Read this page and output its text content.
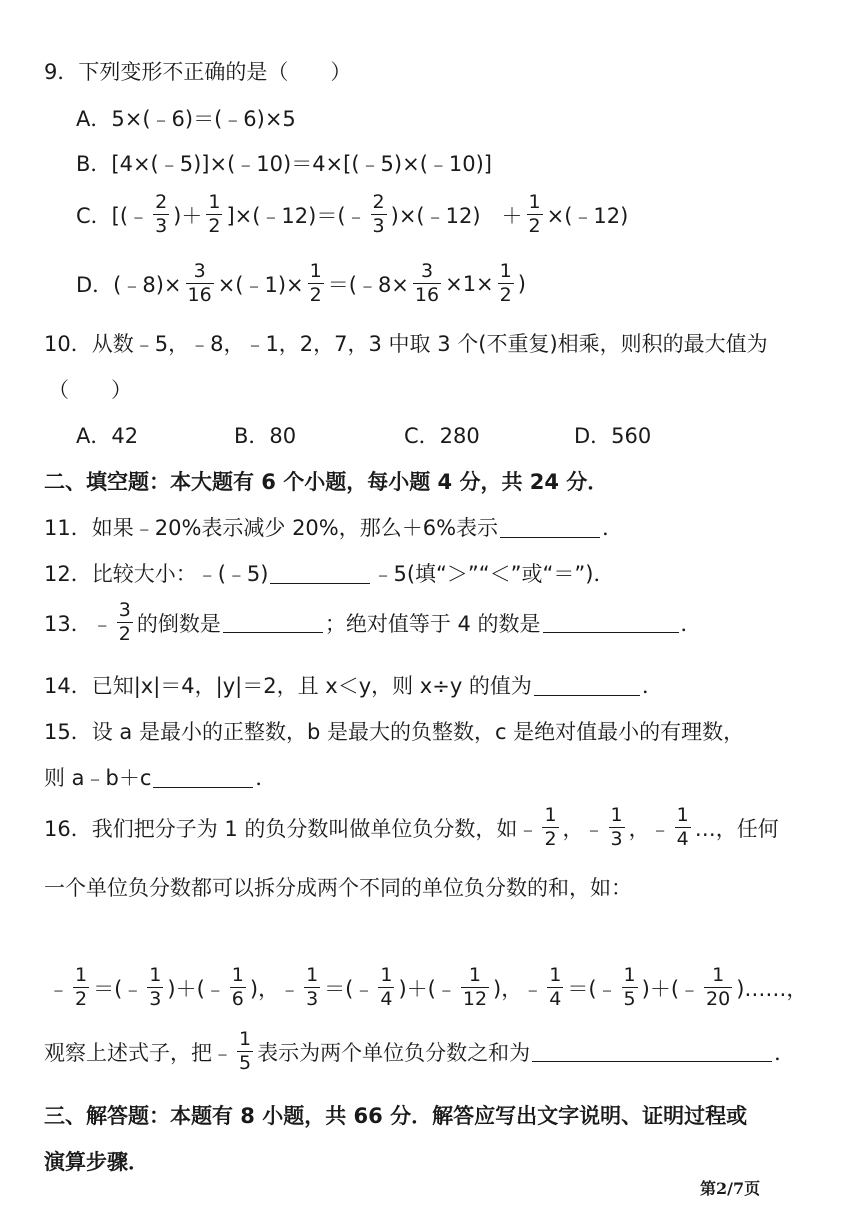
9．下列变形不正确的是（　　）
A．5×(﹣6)＝(﹣6)×5
B．[4×(﹣5)]×(﹣10)＝4×[(﹣5)×(﹣10)]
C． [(﹣ $\frac{2}{3}$ )＋ $\frac{1}{2}$ ]×(﹣12)＝(﹣ $\frac{2}{3}$ )×(﹣12)　＋ $\frac{1}{2}$ ×(﹣12)
D． (﹣8)× $\frac{3}{16}$ ×(﹣1)× $\frac{1}{2}$ ＝(﹣8× $\frac{3}{16} \times 1\times \frac{1}{2}$ )
10．从数﹣5，﹣8，﹣1，2，7，3 中取 3 个(不重复)相乘，则积的最大值为
（　　）
A．42	B．80	C．280	D．560
二、填空题：本大题有 6 个小题，每小题 4 分，共 24 分．
11．如果﹣20%表示减少 20%，那么＋6%表示	．
12．比较大小：﹣(﹣5)	﹣5(填“＞”“＜”或“＝”)．
13．﹣ $\frac{3}{2}$ 的倒数是	；绝对值等于 4 的数是	．
14．已知|x|＝4，|y|＝2，且 x＜y，则 x÷y 的值为	．
15．设 a 是最小的正整数，b 是最大的负整数，c 是绝对值最小的有理数，
则 a﹣b＋c	．
16．我们把分子为 1 的负分数叫做单位负分数，如﹣ $\frac{1}{2}$ ，﹣ $\frac{1}{3}$ ，﹣ $\frac{1}{4}$ …，任何
一个单位负分数都可以拆分成两个不同的单位负分数的和，如：
﹣ $\frac{1}{2}$ ＝(﹣ $\frac{1}{3}$ )＋(﹣ $\frac{1}{6}$ )， ﹣ $\frac{1}{3}$ ＝(﹣ $\frac{1}{4}$ )＋(﹣ $\frac{1}{12}$ )， ﹣ $\frac{1}{4}$ ＝(﹣ $\frac{1}{5}$ )＋(﹣ $\frac{1}{20}$ )……，
观察上述式子，把﹣ $\frac{1}{5}$ 表示为两个单位负分数之和为	．
三、解答题：本题有 8 小题，共 66 分．解答应写出文字说明、证明过程或
演算步骤．
第2/7页
